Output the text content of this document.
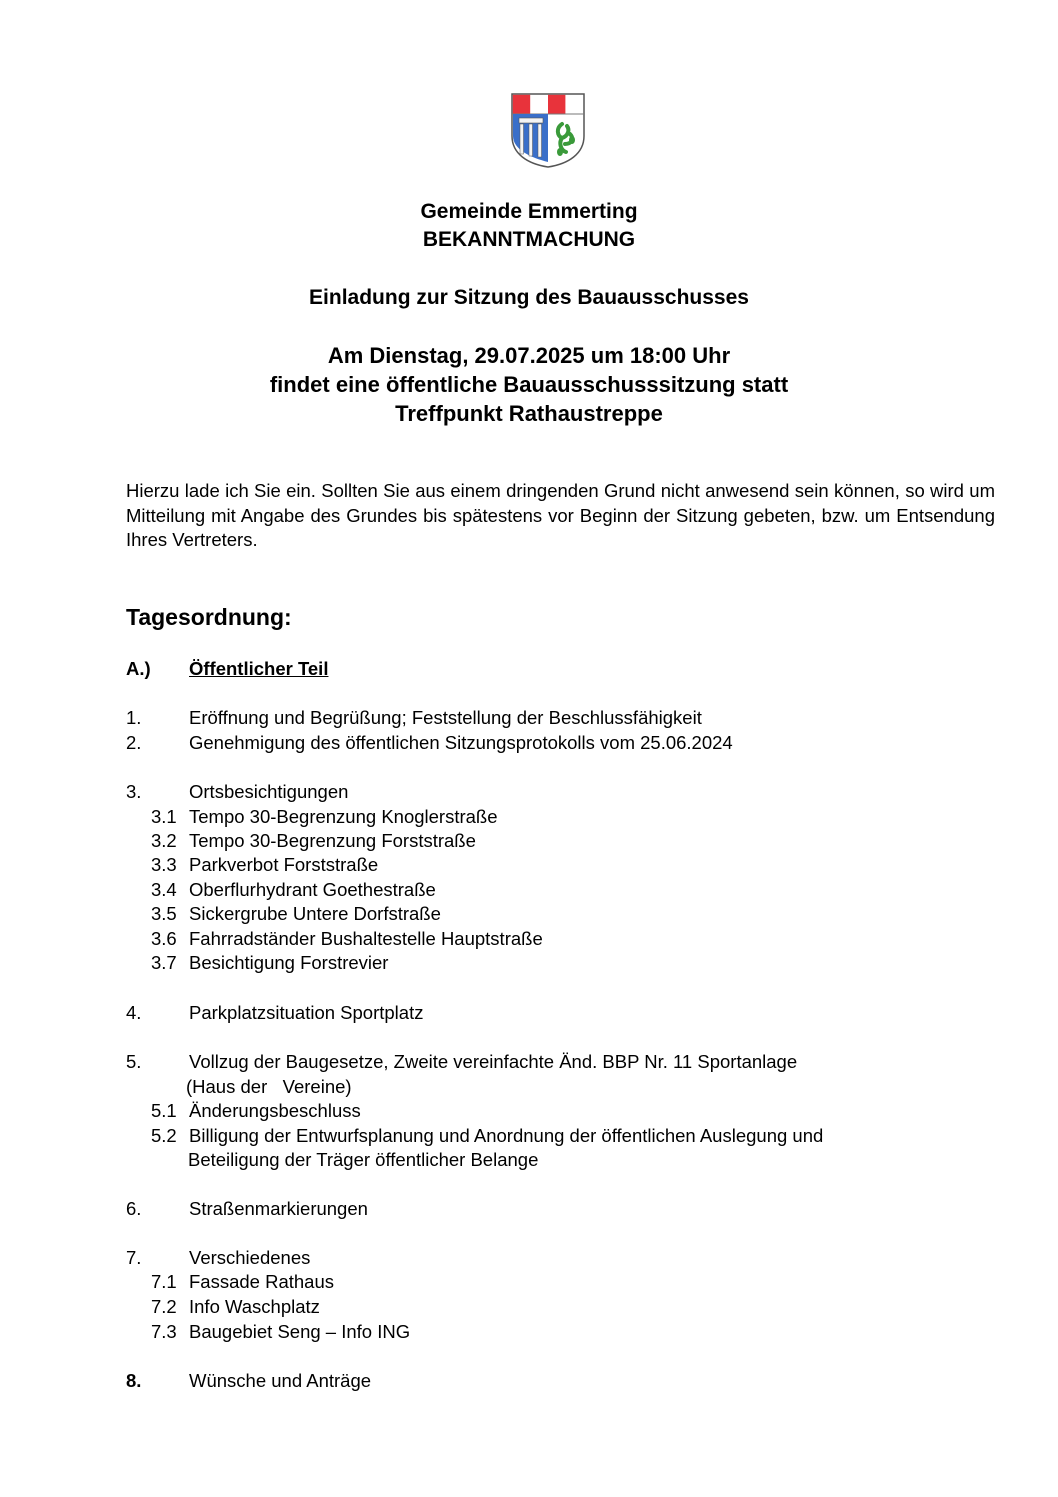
Gemeinde Emmerting
BEKANNTMACHUNG
Einladung zur Sitzung des Bauausschusses
Am Dienstag, 29.07.2025 um 18:00 Uhr
findet eine öffentliche Bauausschusssitzung statt
Treffpunkt Rathaustreppe
Hierzu lade ich Sie ein. Sollten Sie aus einem dringenden Grund nicht anwesend sein können, so wird um Mitteilung mit Angabe des Grundes bis spätestens vor Beginn der Sitzung gebeten, bzw. um Entsendung Ihres Vertreters.
Tagesordnung:
A.) Öffentlicher Teil
1.	Eröffnung und Begrüßung; Feststellung der Beschlussfähigkeit
2.	Genehmigung des öffentlichen Sitzungsprotokolls vom 25.06.2024
3.	Ortsbesichtigungen
3.1 Tempo 30-Begrenzung Knoglerstraße
3.2 Tempo 30-Begrenzung Forststraße
3.3 Parkverbot Forststraße
3.4 Oberflurhydrant Goethestraße
3.5 Sickergrube Untere Dorfstraße
3.6 Fahrradständer Bushaltestelle Hauptstraße
3.7 Besichtigung Forstrevier
4.	Parkplatzsituation Sportplatz
5.	Vollzug der Baugesetze, Zweite vereinfachte Änd. BBP Nr. 11 Sportanlage
(Haus der   Vereine)
5.1 Änderungsbeschluss
5.2 Billigung der Entwurfsplanung und Anordnung der öffentlichen Auslegung und
Beteiligung der Träger öffentlicher Belange
6.	Straßenmarkierungen
7.	Verschiedenes
7.1 Fassade Rathaus
7.2 Info Waschplatz
7.3 Baugebiet Seng – Info ING
8.	Wünsche und Anträge
